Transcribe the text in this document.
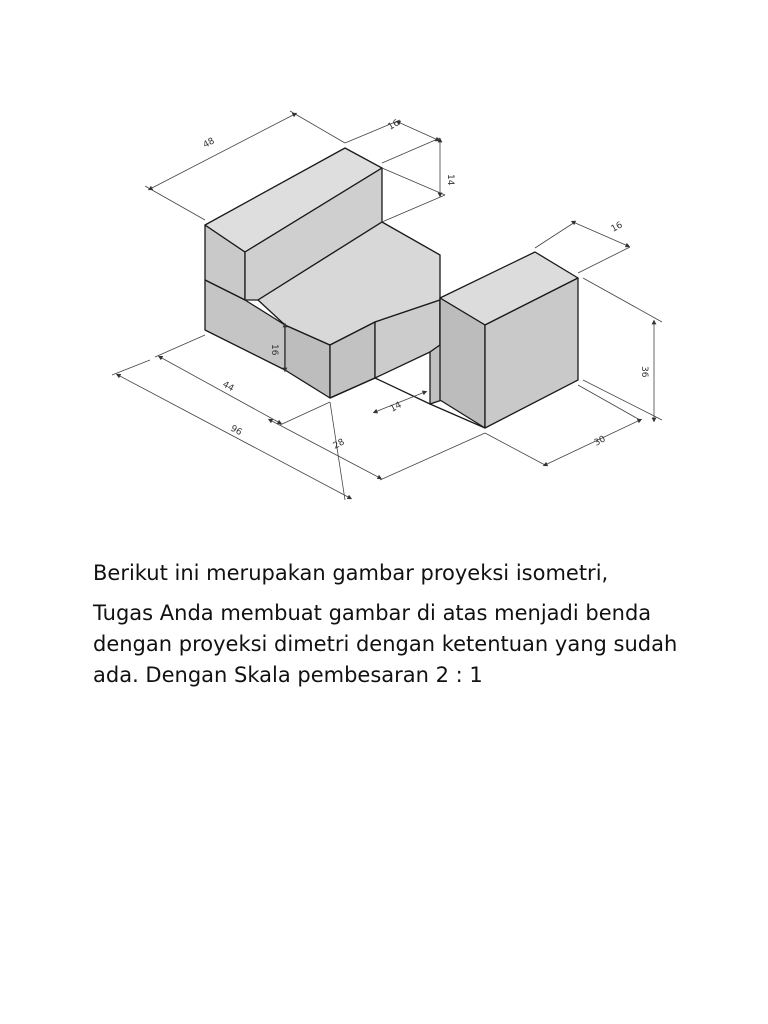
48
16
14
16
36
30
16
14
44
96
28

Berikut ini merupakan gambar proyeksi isometri,

Tugas Anda membuat gambar di atas menjadi benda dengan proyeksi dimetri dengan ketentuan yang sudah ada. Dengan Skala pembesaran 2 : 1
